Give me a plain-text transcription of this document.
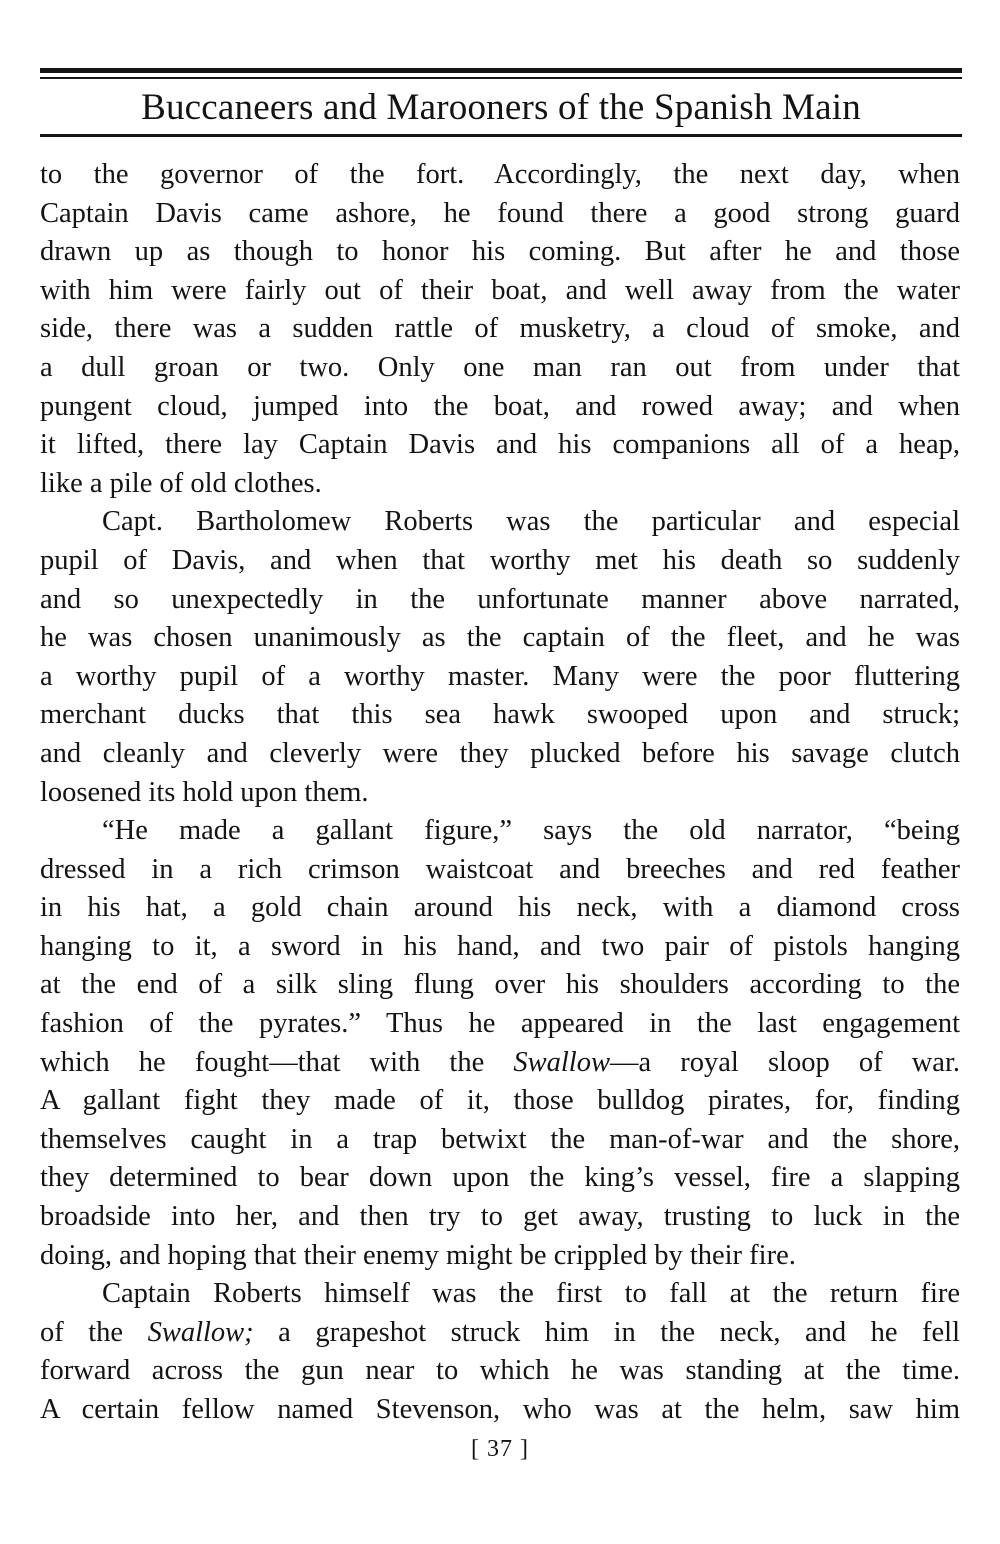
Buccaneers and Marooners of the Spanish Main
to the governor of the fort. Accordingly, the next day, when
Captain Davis came ashore, he found there a good strong guard
drawn up as though to honor his coming. But after he and those
with him were fairly out of their boat, and well away from the water
side, there was a sudden rattle of musketry, a cloud of smoke, and
a dull groan or two. Only one man ran out from under that
pungent cloud, jumped into the boat, and rowed away; and when
it lifted, there lay Captain Davis and his companions all of a heap,
like a pile of old clothes.
Capt. Bartholomew Roberts was the particular and especial
pupil of Davis, and when that worthy met his death so suddenly
and so unexpectedly in the unfortunate manner above narrated,
he was chosen unanimously as the captain of the fleet, and he was
a worthy pupil of a worthy master. Many were the poor fluttering
merchant ducks that this sea hawk swooped upon and struck;
and cleanly and cleverly were they plucked before his savage clutch
loosened its hold upon them.
“He made a gallant figure,” says the old narrator, “being
dressed in a rich crimson waistcoat and breeches and red feather
in his hat, a gold chain around his neck, with a diamond cross
hanging to it, a sword in his hand, and two pair of pistols hanging
at the end of a silk sling flung over his shoulders according to the
fashion of the pyrates.” Thus he appeared in the last engagement
which he fought—that with the Swallow—a royal sloop of war.
A gallant fight they made of it, those bulldog pirates, for, finding
themselves caught in a trap betwixt the man-of-war and the shore,
they determined to bear down upon the king’s vessel, fire a slapping
broadside into her, and then try to get away, trusting to luck in the
doing, and hoping that their enemy might be crippled by their fire.
Captain Roberts himself was the first to fall at the return fire
of the Swallow; a grapeshot struck him in the neck, and he fell
forward across the gun near to which he was standing at the time.
A certain fellow named Stevenson, who was at the helm, saw him
[ 37 ]
